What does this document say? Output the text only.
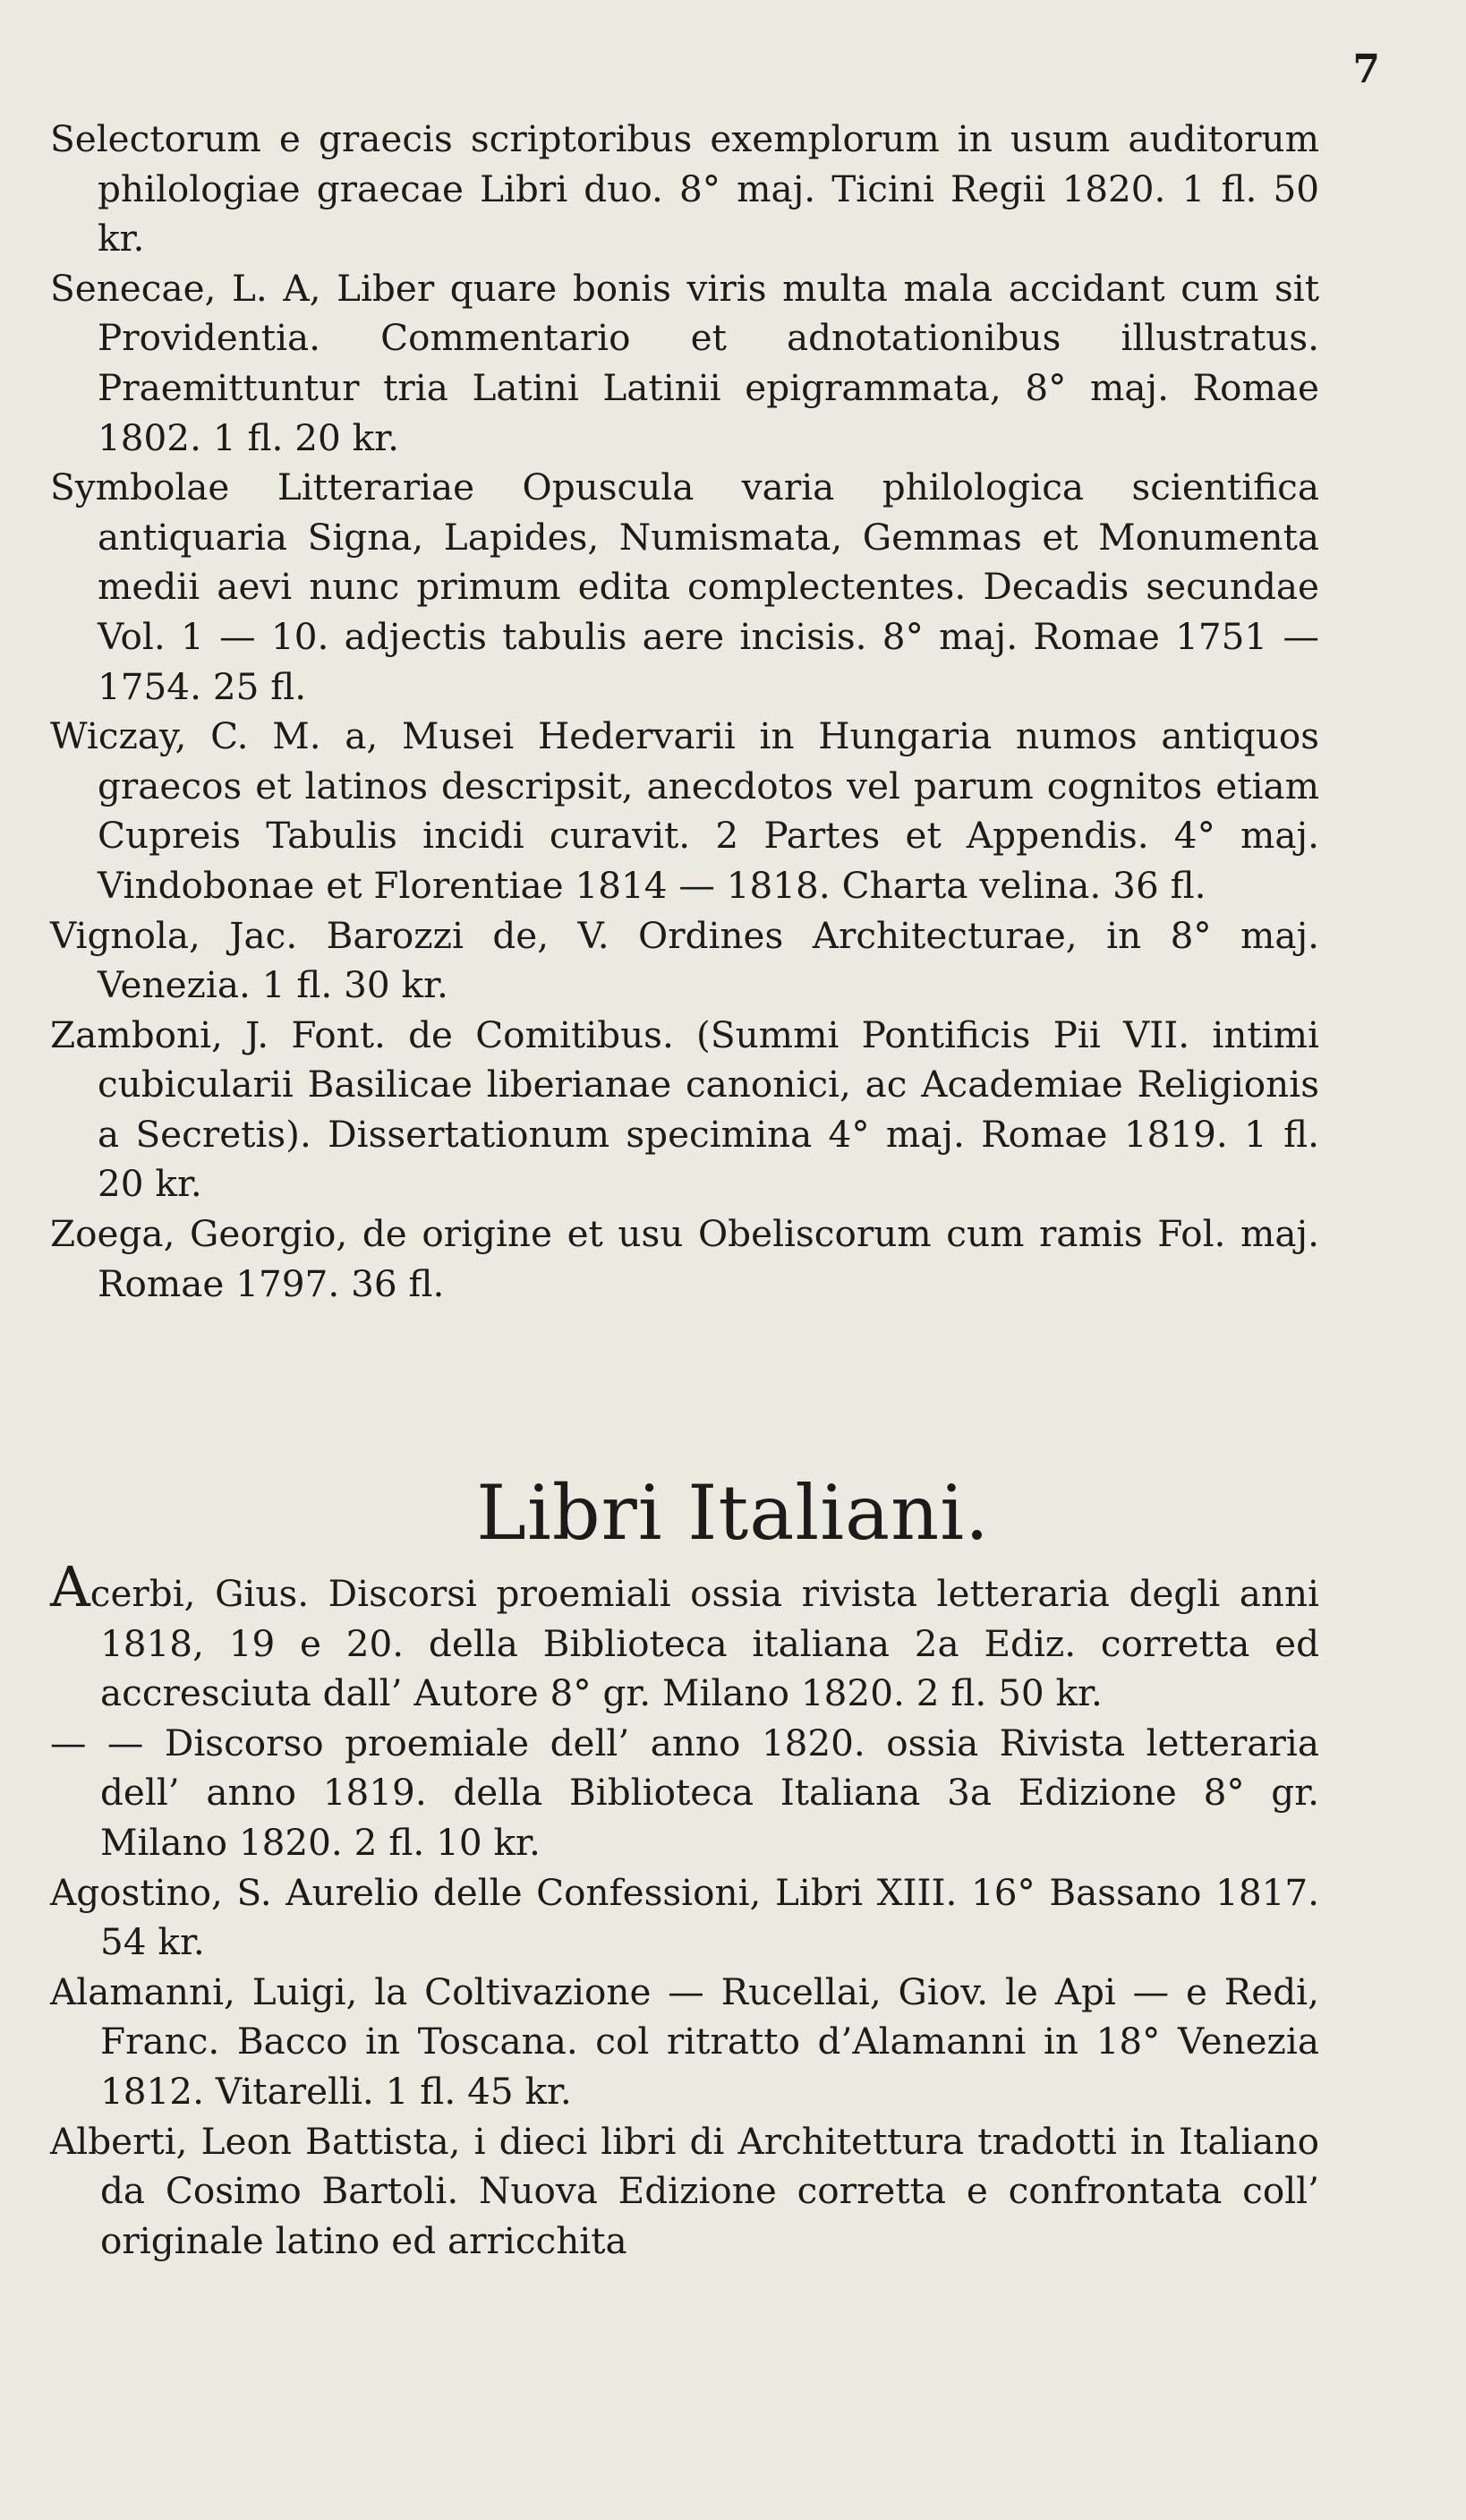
7

Selectorum e graecis scriptoribus exemplorum in usum auditorum philologiae graecae Libri duo. 8° maj. Ticini Regii 1820. 1 fl. 50 kr.

Senecae, L. A, Liber quare bonis viris multa mala accidant cum sit Providentia. Commentario et adnotationibus illustratus. Praemittuntur tria Latini Latinii epigrammata, 8° maj. Romae 1802. 1 fl. 20 kr.

Symbolae Litterariae Opuscula varia philologica scientifica antiquaria Signa, Lapides, Numismata, Gemmas et Monumenta medii aevi nunc primum edita complectentes. Decadis secundae Vol. 1 — 10. adjectis tabulis aere incisis. 8° maj. Romae 1751 — 1754. 25 fl.

Wiczay, C. M. a, Musei Hedervarii in Hungaria numos antiquos graecos et latinos descripsit, anecdotos vel parum cognitos etiam Cupreis Tabulis incidi curavit. 2 Partes et Appendis. 4° maj. Vindobonae et Florentiae 1814 — 1818. Charta velina. 36 fl.

Vignola, Jac. Barozzi de, V. Ordines Architecturae, in 8° maj. Venezia. 1 fl. 30 kr.

Zamboni, J. Font. de Comitibus. (Summi Pontificis Pii VII. intimi cubicularii Basilicae liberianae canonici, ac Academiae Religionis a Secretis). Dissertationum specimina 4° maj. Romae 1819. 1 fl. 20 kr.

Zoega, Georgio, de origine et usu Obeliscorum cum ramis Fol. maj. Romae 1797. 36 fl.

Libri Italiani.

Acerbi, Gius. Discorsi proemiali ossia rivista letteraria degli anni 1818, 19 e 20. della Biblioteca italiana 2a Ediz. corretta ed accresciuta dall’ Autore 8° gr. Milano 1820. 2 fl. 50 kr.

— — Discorso proemiale dell’ anno 1820. ossia Rivista letteraria dell’ anno 1819. della Biblioteca Italiana 3a Edizione 8° gr. Milano 1820. 2 fl. 10 kr.

Agostino, S. Aurelio delle Confessioni, Libri XIII. 16° Bassano 1817. 54 kr.

Alamanni, Luigi, la Coltivazione — Rucellai, Giov. le Api — e Redi, Franc. Bacco in Toscana. col ritratto d’Alamanni in 18° Venezia 1812. Vitarelli. 1 fl. 45 kr.

Alberti, Leon Battista, i dieci libri di Architettura tradotti in Italiano da Cosimo Bartoli. Nuova Edizione corretta e confrontata coll’ originale latino ed arricchita
